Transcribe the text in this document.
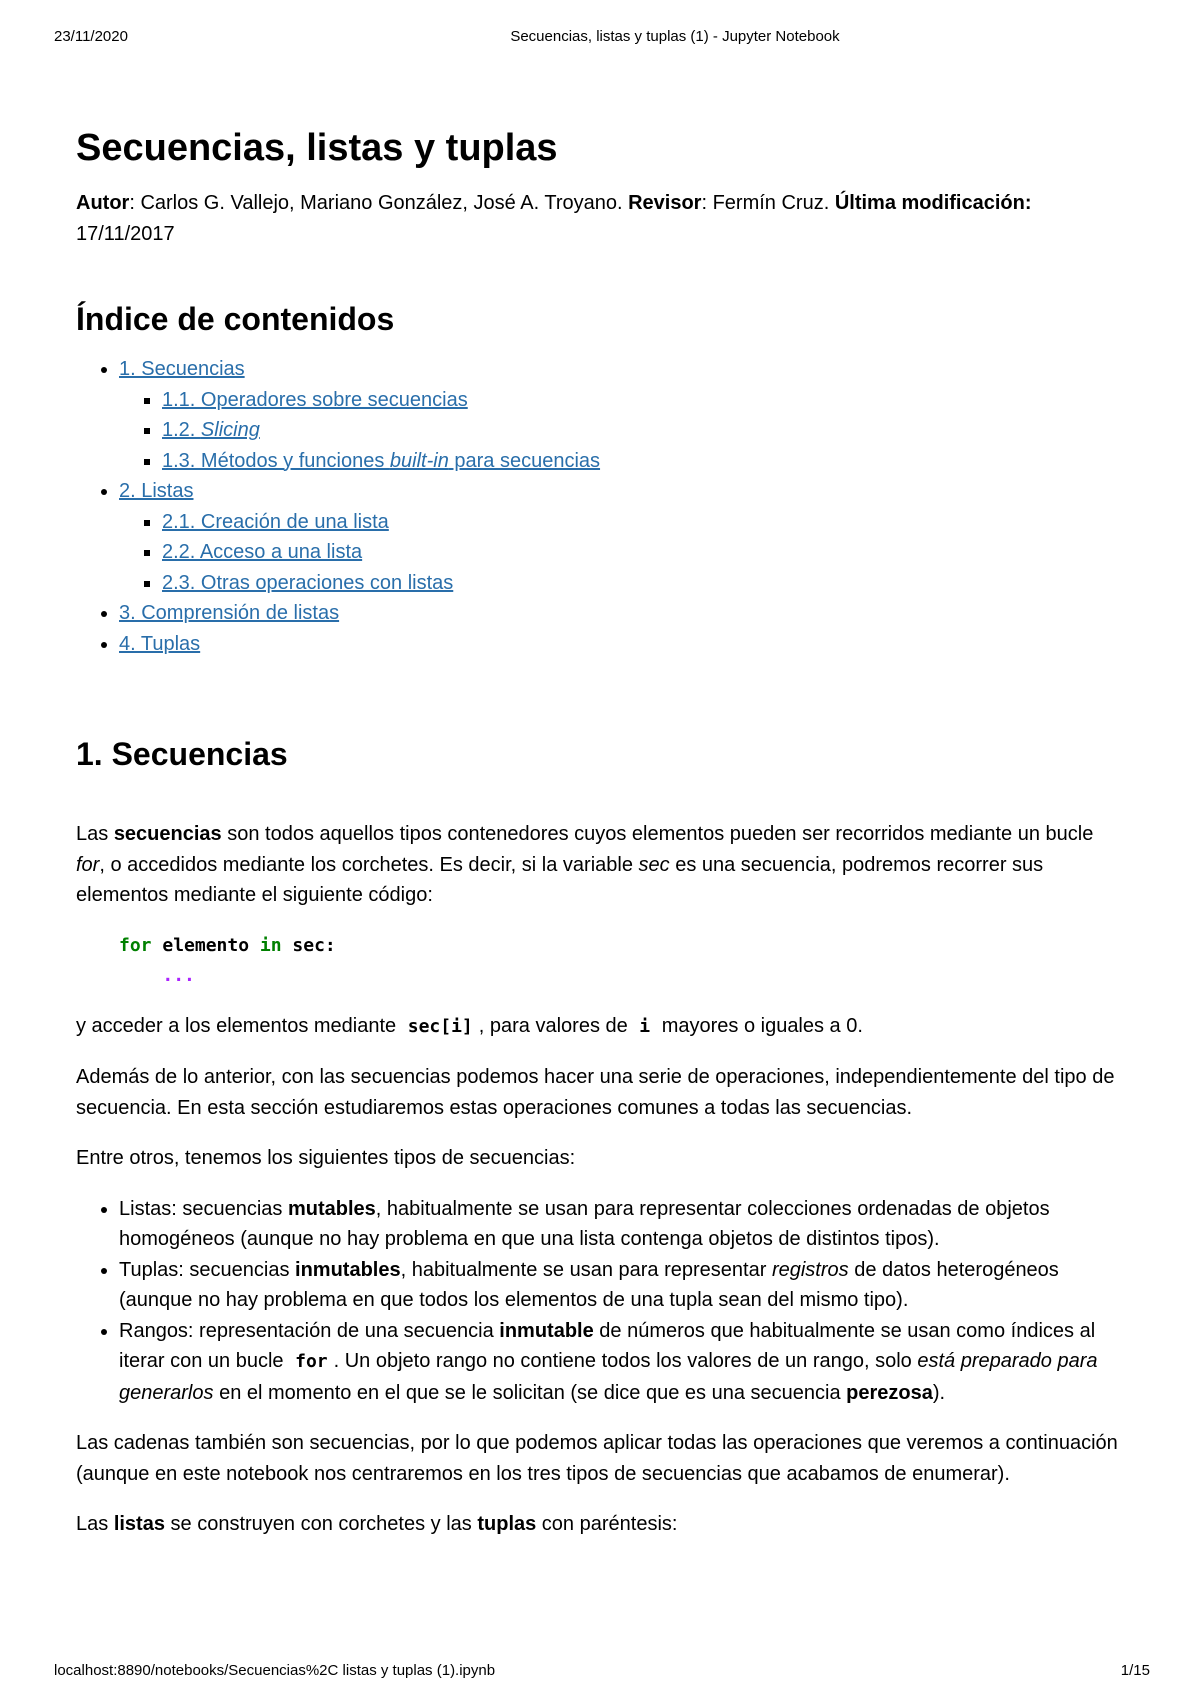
23/11/2020	Secuencias, listas y tuplas (1) - Jupyter Notebook
Secuencias, listas y tuplas

Autor: Carlos G. Vallejo, Mariano González, José A. Troyano. Revisor: Fermín Cruz. Última modificación: 17/11/2017

Índice de contenidos
• 1. Secuencias
▪ 1.1. Operadores sobre secuencias
▪ 1.2. Slicing
▪ 1.3. Métodos y funciones built-in para secuencias
• 2. Listas
▪ 2.1. Creación de una lista
▪ 2.2. Acceso a una lista
▪ 2.3. Otras operaciones con listas
• 3. Comprensión de listas
• 4. Tuplas
1. Secuencias

Las secuencias son todos aquellos tipos contenedores cuyos elementos pueden ser recorridos mediante un bucle for, o accedidos mediante los corchetes. Es decir, si la variable sec es una secuencia, podremos recorrer sus elementos mediante el siguiente código:

for elemento in sec:
...

y acceder a los elementos mediante sec[i] , para valores de i mayores o iguales a 0.

Además de lo anterior, con las secuencias podemos hacer una serie de operaciones, independientemente del tipo de secuencia. En esta sección estudiaremos estas operaciones comunes a todas las secuencias.

Entre otros, tenemos los siguientes tipos de secuencias:

• Listas: secuencias mutables, habitualmente se usan para representar colecciones ordenadas de objetos homogéneos (aunque no hay problema en que una lista contenga objetos de distintos tipos).
• Tuplas: secuencias inmutables, habitualmente se usan para representar registros de datos heterogéneos (aunque no hay problema en que todos los elementos de una tupla sean del mismo tipo).
• Rangos: representación de una secuencia inmutable de números que habitualmente se usan como índices al iterar con un bucle for . Un objeto rango no contiene todos los valores de un rango, solo está preparado para generarlos en el momento en el que se le solicitan (se dice que es una secuencia perezosa).

Las cadenas también son secuencias, por lo que podemos aplicar todas las operaciones que veremos a continuación (aunque en este notebook nos centraremos en los tres tipos de secuencias que acabamos de enumerar).

Las listas se construyen con corchetes y las tuplas con paréntesis:

localhost:8890/notebooks/Secuencias%2C listas y tuplas (1).ipynb	1/15
